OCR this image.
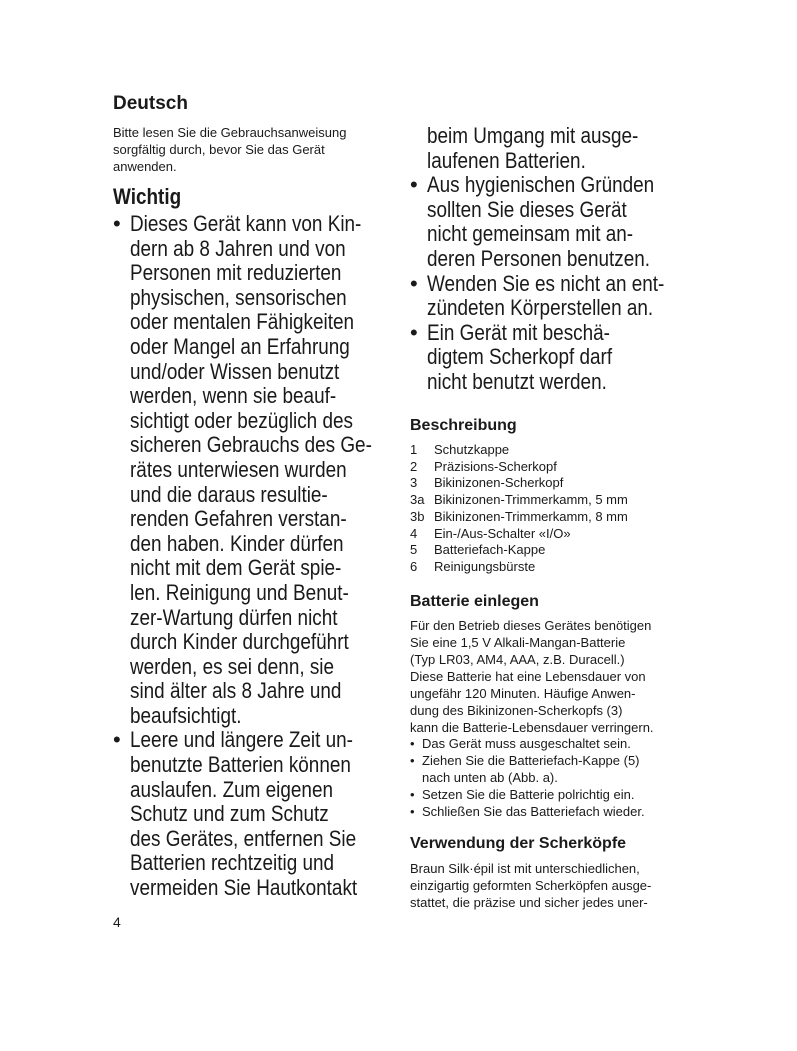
Deutsch
Bitte lesen Sie die Gebrauchsanweisung
sorgfältig durch, bevor Sie das Gerät
anwenden.
Wichtig
• Dieses Gerät kann von Kin-
dern ab 8 Jahren und von
Personen mit reduzierten
physischen, sensorischen
oder mentalen Fähigkeiten
oder Mangel an Erfahrung
und/oder Wissen benutzt
werden, wenn sie beauf-
sichtigt oder bezüglich des
sicheren Gebrauchs des Ge-
rätes unterwiesen wurden
und die daraus resultie-
renden Gefahren verstan-
den haben. Kinder dürfen
nicht mit dem Gerät spie-
len. Reinigung und Benut-
zer-Wartung dürfen nicht
durch Kinder durchgeführt
werden, es sei denn, sie
sind älter als 8 Jahre und
beaufsichtigt.
• Leere und längere Zeit un-
benutzte Batterien können
auslaufen. Zum eigenen
Schutz und zum Schutz
des Gerätes, entfernen Sie
Batterien rechtzeitig und
vermeiden Sie Hautkontakt
beim Umgang mit ausge-
laufenen Batterien.
• Aus hygienischen Gründen
sollten Sie dieses Gerät
nicht gemeinsam mit an-
deren Personen benutzen.
• Wenden Sie es nicht an ent-
zündeten Körperstellen an.
• Ein Gerät mit beschä-
digtem Scherkopf darf
nicht benutzt werden.
Beschreibung
1 Schutzkappe
2 Präzisions-Scherkopf
3 Bikinizonen-Scherkopf
3a Bikinizonen-Trimmerkamm, 5 mm
3b Bikinizonen-Trimmerkamm, 8 mm
4 Ein-/Aus-Schalter «I/O»
5 Batteriefach-Kappe
6 Reinigungsbürste
Batterie einlegen
Für den Betrieb dieses Gerätes benötigen
Sie eine 1,5 V Alkali-Mangan-Batterie
(Typ LR03, AM4, AAA, z.B. Duracell.)
Diese Batterie hat eine Lebensdauer von
ungefähr 120 Minuten. Häufige Anwen-
dung des Bikinizonen-Scherkopfs (3)
kann die Batterie-Lebensdauer verringern.
• Das Gerät muss ausgeschaltet sein.
• Ziehen Sie die Batteriefach-Kappe (5)
nach unten ab (Abb. a).
• Setzen Sie die Batterie polrichtig ein.
• Schließen Sie das Batteriefach wieder.
Verwendung der Scherköpfe
Braun Silk·épil ist mit unterschiedlichen,
einzigartig geformten Scherköpfen ausge-
stattet, die präzise und sicher jedes uner-
4
